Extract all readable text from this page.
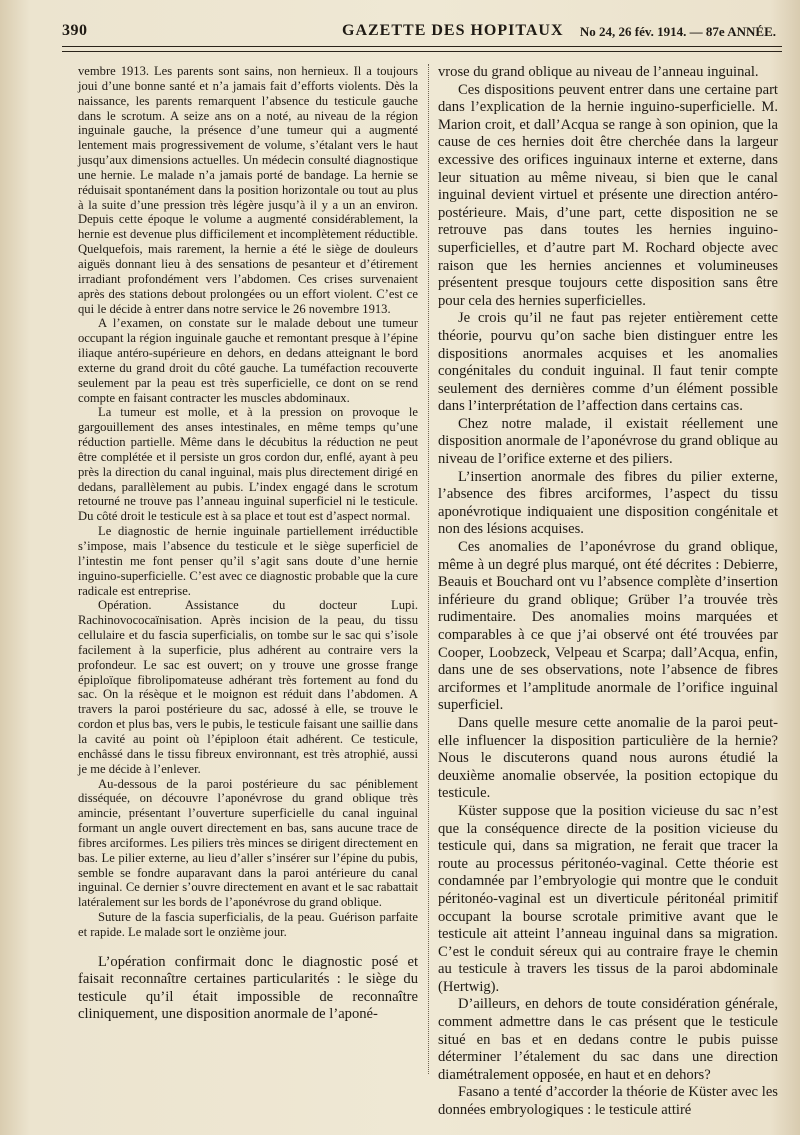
390	GAZETTE DES HOPITAUX No 24, 26 fév. 1914. — 87e ANNÉE.

vembre 1913. Les parents sont sains, non hernieux. Il a toujours joui d’une bonne santé et n’a jamais fait d’efforts violents. Dès la naissance, les parents remarquent l’absence du testicule gauche dans le scrotum. A seize ans on a noté, au niveau de la région inguinale gauche, la présence d’une tumeur qui a augmenté lentement mais progressivement de volume, s’étalant vers le haut jusqu’aux dimensions actuelles. Un médecin consulté diagnostique une hernie. Le malade n’a jamais porté de bandage. La hernie se réduisait spontanément dans la position horizontale ou tout au plus à la suite d’une pression très légère jusqu’à il y a un an environ. Depuis cette époque le volume a augmenté considérablement, la hernie est devenue plus difficilement et incomplètement réductible. Quelquefois, mais rarement, la hernie a été le siège de douleurs aiguës donnant lieu à des sensations de pesanteur et d’étirement irradiant profondément vers l’abdomen. Ces crises survenaient après des stations debout prolongées ou un effort violent. C’est ce qui le décide à entrer dans notre service le 26 novembre 1913.

A l’examen, on constate sur le malade debout une tumeur occupant la région inguinale gauche et remontant presque à l’épine iliaque antéro-supérieure en dehors, en dedans atteignant le bord externe du grand droit du côté gauche. La tuméfaction recouverte seulement par la peau est très superficielle, ce dont on se rend compte en faisant contracter les muscles abdominaux.

La tumeur est molle, et à la pression on provoque le gargouillement des anses intestinales, en même temps qu’une réduction partielle. Même dans le décubitus la réduction ne peut être complétée et il persiste un gros cordon dur, enflé, ayant à peu près la direction du canal inguinal, mais plus directement dirigé en dedans, parallèlement au pubis. L’index engagé dans le scrotum retourné ne trouve pas l’anneau inguinal superficiel ni le testicule. Du côté droit le testicule est à sa place et tout est d’aspect normal.

Le diagnostic de hernie inguinale partiellement irréductible s’impose, mais l’absence du testicule et le siège superficiel de l’intestin me font penser qu’il s’agit sans doute d’une hernie inguino-superficielle. C’est avec ce diagnostic probable que la cure radicale est entreprise.

Opération. Assistance du docteur Lupi. Rachinovococaïnisation. Après incision de la peau, du tissu cellulaire et du fascia superficialis, on tombe sur le sac qui s’isole facilement à la superficie, plus adhérent au contraire vers la profondeur. Le sac est ouvert; on y trouve une grosse frange épiploïque fibrolipomateuse adhérant très fortement au fond du sac. On la résèque et le moignon est réduit dans l’abdomen. A travers la paroi postérieure du sac, adossé à elle, se trouve le cordon et plus bas, vers le pubis, le testicule faisant une saillie dans la cavité au point où l’épiploon était adhérent. Ce testicule, enchâssé dans le tissu fibreux environnant, est très atrophié, aussi je me décide à l’enlever.

Au-dessous de la paroi postérieure du sac péniblement disséquée, on découvre l’aponévrose du grand oblique très amincie, présentant l’ouverture superficielle du canal inguinal formant un angle ouvert directement en bas, sans aucune trace de fibres arciformes. Les piliers très minces se dirigent directement en bas. Le pilier externe, au lieu d’aller s’insérer sur l’épine du pubis, semble se fondre auparavant dans la paroi antérieure du canal inguinal. Ce dernier s’ouvre directement en avant et le sac rabattait latéralement sur les bords de l’aponévrose du grand oblique.

Suture de la fascia superficialis, de la peau. Guérison parfaite et rapide. Le malade sort le onzième jour.

L’opération confirmait donc le diagnostic posé et faisait reconnaître certaines particularités : le siège du testicule qu’il était impossible de reconnaître cliniquement, une disposition anormale de l’aponé-

vrose du grand oblique au niveau de l’anneau inguinal.

Ces dispositions peuvent entrer dans une certaine part dans l’explication de la hernie inguino-superficielle. M. Marion croit, et dall’Acqua se range à son opinion, que la cause de ces hernies doit être cherchée dans la largeur excessive des orifices inguinaux interne et externe, dans leur situation au même niveau, si bien que le canal inguinal devient virtuel et présente une direction antéro-postérieure. Mais, d’une part, cette disposition ne se retrouve pas dans toutes les hernies inguino-superficielles, et d’autre part M. Rochard objecte avec raison que les hernies anciennes et volumineuses présentent presque toujours cette disposition sans être pour cela des hernies superficielles.

Je crois qu’il ne faut pas rejeter entièrement cette théorie, pourvu qu’on sache bien distinguer entre les dispositions anormales acquises et les anomalies congénitales du conduit inguinal. Il faut tenir compte seulement des dernières comme d’un élément possible dans l’interprétation de l’affection dans certains cas.

Chez notre malade, il existait réellement une disposition anormale de l’aponévrose du grand oblique au niveau de l’orifice externe et des piliers.

L’insertion anormale des fibres du pilier externe, l’absence des fibres arciformes, l’aspect du tissu aponévrotique indiquaient une disposition congénitale et non des lésions acquises.

Ces anomalies de l’aponévrose du grand oblique, même à un degré plus marqué, ont été décrites : Debierre, Beauis et Bouchard ont vu l’absence complète d’insertion inférieure du grand oblique; Grüber l’a trouvée très rudimentaire. Des anomalies moins marquées et comparables à ce que j’ai observé ont été trouvées par Cooper, Loobzeck, Velpeau et Scarpa; dall’Acqua, enfin, dans une de ses observations, note l’absence de fibres arciformes et l’amplitude anormale de l’orifice inguinal superficiel.

Dans quelle mesure cette anomalie de la paroi peut-elle influencer la disposition particulière de la hernie? Nous le discuterons quand nous aurons étudié la deuxième anomalie observée, la position ectopique du testicule.

Küster suppose que la position vicieuse du sac n’est que la conséquence directe de la position vicieuse du testicule qui, dans sa migration, ne ferait que tracer la route au processus péritonéo-vaginal. Cette théorie est condamnée par l’embryologie qui montre que le conduit péritonéo-vaginal est un diverticule péritonéal primitif occupant la bourse scrotale primitive avant que le testicule ait atteint l’anneau inguinal dans sa migration. C’est le conduit séreux qui au contraire fraye le chemin au testicule à travers les tissus de la paroi abdominale (Hertwig).

D’ailleurs, en dehors de toute considération générale, comment admettre dans le cas présent que le testicule situé en bas et en dedans contre le pubis puisse déterminer l’étalement du sac dans une direction diamétralement opposée, en haut et en dehors?

Fasano a tenté d’accorder la théorie de Küster avec les données embryologiques : le testicule attiré
